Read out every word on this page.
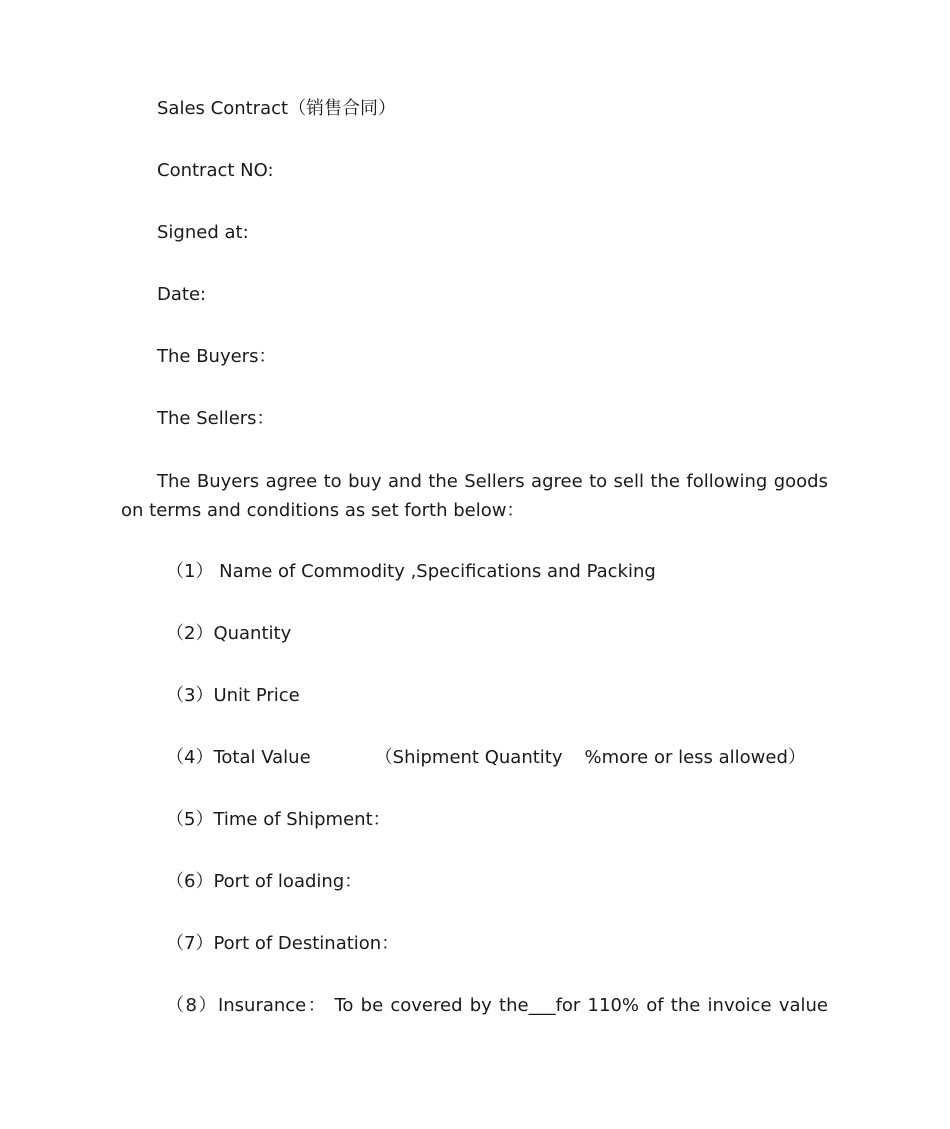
Sales Contract（销售合同）

Contract NO:

Signed at:

Date:

The Buyers：

The Sellers：

The Buyers agree to buy and the Sellers agree to sell the following goods on terms and conditions as set forth below：

（1） Name of Commodity ,Specifications and Packing

（2）Quantity

（3）Unit Price

（4）Total Value	（Shipment Quantity %more or less allowed）

（5）Time of Shipment：

（6）Port of loading：

（7）Port of Destination：

（8）Insurance： To be covered by the___for 110% of the invoice value
